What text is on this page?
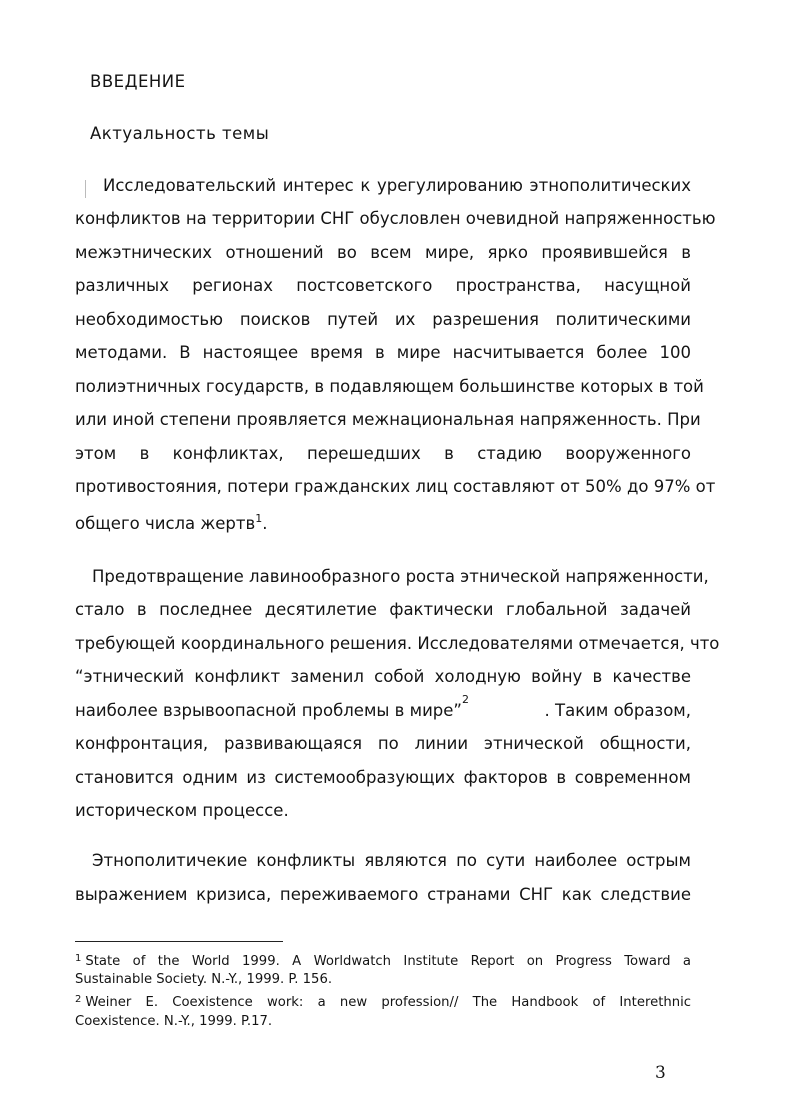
ВВЕДЕНИЕ
Актуальность темы
Исследовательский интерес к урегулированию этнополитических
конфликтов на территории СНГ обусловлен очевидной напряженностью
межэтнических отношений во всем мире, ярко проявившейся в
различных регионах постсоветского пространства, насущной
необходимостью поисков путей их разрешения политическими
методами. В настоящее время в мире насчитывается более 100
полиэтничных государств, в подавляющем большинстве которых в той
или иной степени проявляется межнациональная напряженность. При
этом в конфликтах, перешедших в стадию вооруженного
противостояния, потери гражданских лиц составляют от 50% до 97% от
общего числа жертв$^1$.
Предотвращение лавинообразного роста этнической напряженности,
стало в последнее десятилетие фактически глобальной задачей
требующей координального решения. Исследователями отмечается, что
“этнический конфликт заменил собой холодную войну в качестве
наиболее взрывоопасной проблемы в мире”
2
. Таким образом,
конфронтация, развивающаяся по линии этнической общности,
становится одним из системообразующих факторов в современном
историческом процессе.
Этнополитичекие конфликты являются по сути наиболее острым
выражением кризиса, переживаемого странами СНГ как следствие
$^1$ State of the World 1999. A Worldwatch Institute Report on Progress Toward a
Sustainable Society. N.-Y., 1999. P. 156.
$^2$ Weiner E. Coexistence work: a new profession// The Handbook of Interethnic
Coexistence. N.-Y., 1999. P.17.
3
